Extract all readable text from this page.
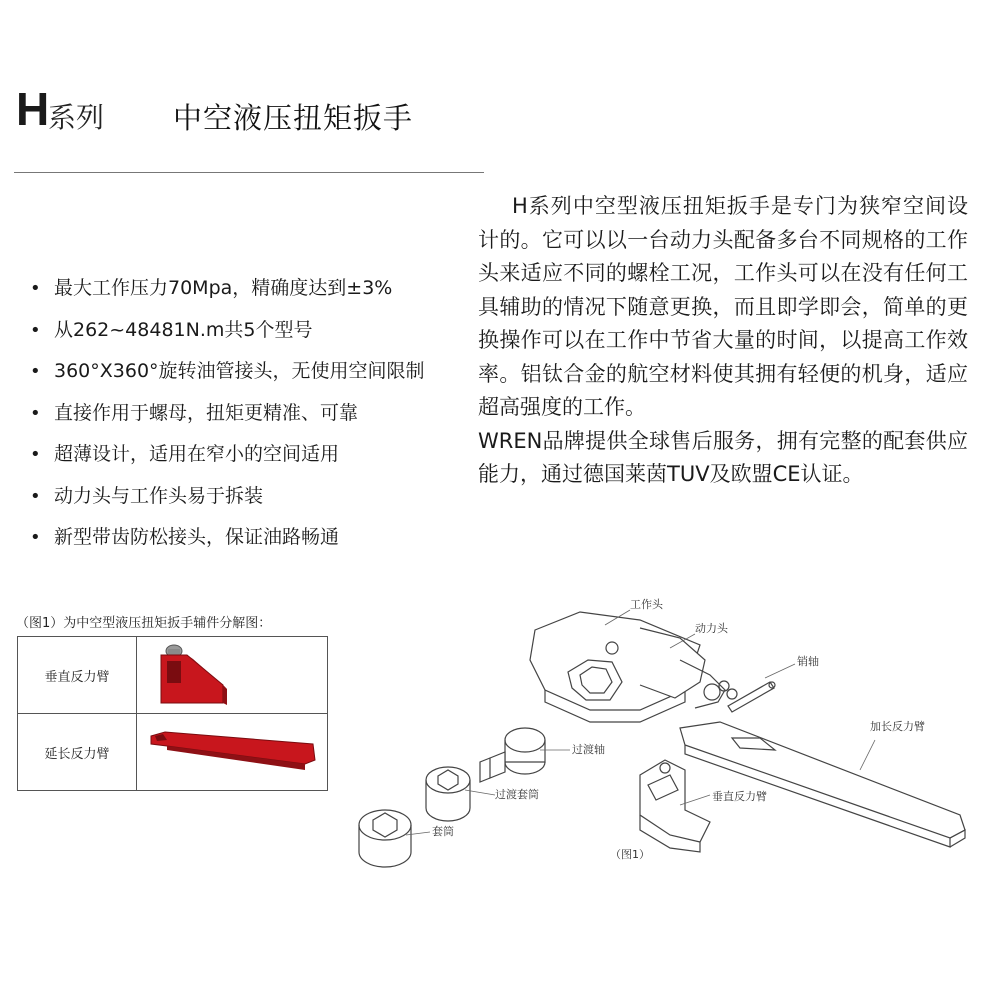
H 系列 中空液压扭矩扳手

H系列中空型液压扭矩扳手是专门为狭窄空间设计的。它可以以一台动力头配备多台不同规格的工作头来适应不同的螺栓工况，工作头可以在没有任何工具辅助的情况下随意更换，而且即学即会，简单的更换操作可以在工作中节省大量的时间，以提高工作效率。铝钛合金的航空材料使其拥有轻便的机身，适应超高强度的工作。

WREN品牌提供全球售后服务，拥有完整的配套供应能力，通过德国莱茵TUV及欧盟CE认证。

• 最大工作压力70Mpa，精确度达到±3%
• 从262~48481N.m共5个型号
• 360°X360°旋转油管接头，无使用空间限制
• 直接作用于螺母，扭矩更精准、可靠
• 超薄设计，适用在窄小的空间适用
• 动力头与工作头易于拆装
• 新型带齿防松接头，保证油路畅通
（图1）为中空型液压扭矩扳手辅件分解图：
垂直反力臂	
延长反力臂	
工作头
动力头
销轴
加长反力臂
过渡轴
过渡套筒	垂直反力臂
套筒
（图1）
